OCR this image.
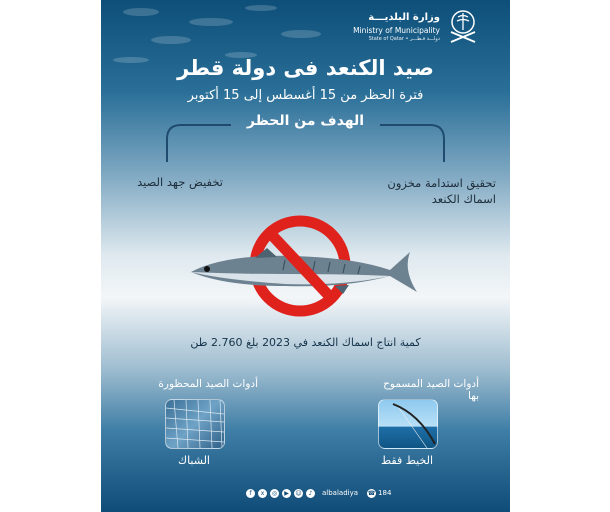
وزارة البلديـــة
Ministry of Municipality
State of Qatar • دولـــة قـطـــر
صيد الكنعد فى دولة قطر
فترة الحظر من 15 أغسطس إلى 15 أكتوبر
الهدف من الحظر
تحقيق استدامة مخزون
اسماك الكنعد
تخفيض جهد الصيد
كمية انتاج اسماك الكنعد في 2023 بلغ 2.760 طن
أدوات الصيد المسموح بها
أدوات الصيد المحظورة
الخيط فقط
الشباك
f	x	◎	▶	☺	♪	albaladiya ☎ 184
